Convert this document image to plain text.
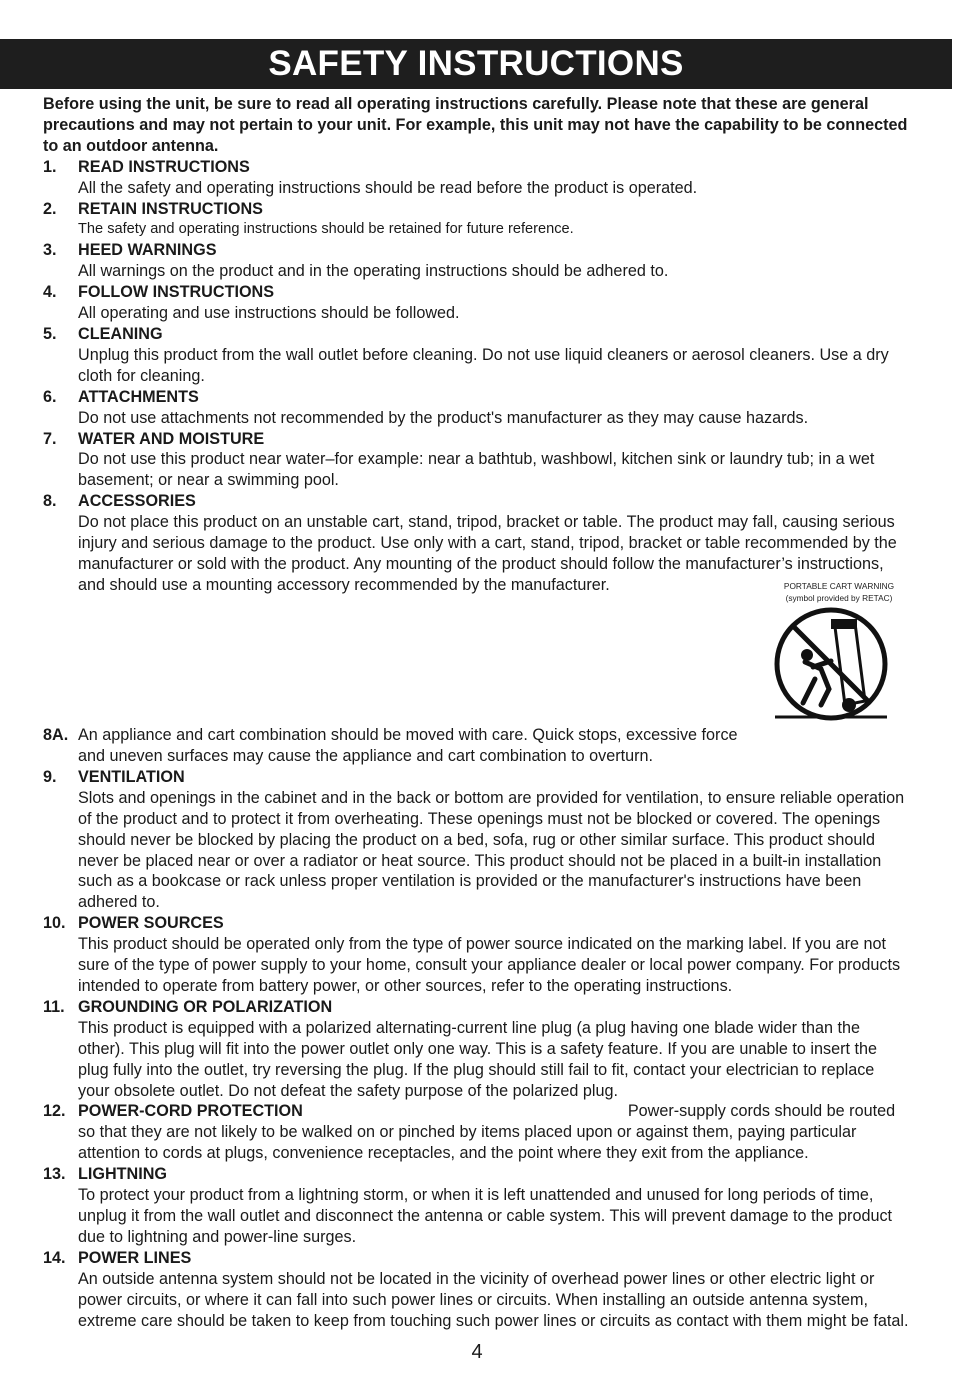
SAFETY INSTRUCTIONS
Before using the unit, be sure to read all operating instructions carefully. Please note that these are general precautions and may not pertain to your unit. For example, this unit may not have the capability to be connected to an outdoor antenna.
1.	READ INSTRUCTIONS
All the safety and operating instructions should be read before the product is operated.
2.	RETAIN INSTRUCTIONS
The safety and operating instructions should be retained for future reference.
3.	HEED WARNINGS
All warnings on the product and in the operating instructions should be adhered to.
4.	FOLLOW INSTRUCTIONS
All operating and use instructions should be followed.
5.	CLEANING
Unplug this product from the wall outlet before cleaning. Do not use liquid cleaners or aerosol cleaners. Use a dry cloth for cleaning.
6.	ATTACHMENTS
Do not use attachments not recommended by the product's manufacturer as they may cause hazards.
7.	WATER AND MOISTURE
Do not use this product near water–for example: near a bathtub, washbowl, kitchen sink or laundry tub; in a wet basement; or near a swimming pool.
8.	ACCESSORIES
PORTABLE CART WARNING
(symbol provided by RETAC)
Do not place this product on an unstable cart, stand, tripod, bracket or table. The product may fall, causing serious injury and serious damage to the product. Use only with a cart, stand, tripod, bracket or table recommended by the manufacturer or sold with the product. Any mounting of the product should follow the manufacturer’s instructions, and should use a mounting accessory recommended by the manufacturer.
8A. An appliance and cart combination should be moved with care. Quick stops, excessive force and uneven surfaces may cause the appliance and cart combination to overturn.
9.	VENTILATION
Slots and openings in the cabinet and in the back or bottom are provided for ventilation, to ensure reliable operation of the product and to protect it from overheating. These openings must not be blocked or covered. The openings should never be blocked by placing the product on a bed, sofa, rug or other similar surface. This product should never be placed near or over a radiator or heat source. This product should not be placed in a built-in installation such as a bookcase or rack unless proper ventilation is provided or the manufacturer's instructions have been adhered to.
10. POWER SOURCES
This product should be operated only from the type of power source indicated on the marking label. If you are not sure of the type of power supply to your home, consult your appliance dealer or local power company. For products intended to operate from battery power, or other sources, refer to the operating instructions.
11. GROUNDING OR POLARIZATION
This product is equipped with a polarized alternating-current line plug (a plug having one blade wider than the other). This plug will fit into the power outlet only one way. This is a safety feature. If you are unable to insert the plug fully into the outlet, try reversing the plug. If the plug should still fail to fit, contact your electrician to replace your obsolete outlet. Do not defeat the safety purpose of the polarized plug.
12. POWER-CORD PROTECTION	Power-supply cords should be routed so that they are not likely to be walked on or pinched by items placed upon or against them, paying particular attention to cords at plugs, convenience receptacles, and the point where they exit from the appliance.
13. LIGHTNING
To protect your product from a lightning storm, or when it is left unattended and unused for long periods of time, unplug it from the wall outlet and disconnect the antenna or cable system. This will prevent damage to the product due to lightning and power-line surges.
14. POWER LINES
An outside antenna system should not be located in the vicinity of overhead power lines or other electric light or power circuits, or where it can fall into such power lines or circuits. When installing an outside antenna system, extreme care should be taken to keep from touching such power lines or circuits as contact with them might be fatal.
4
